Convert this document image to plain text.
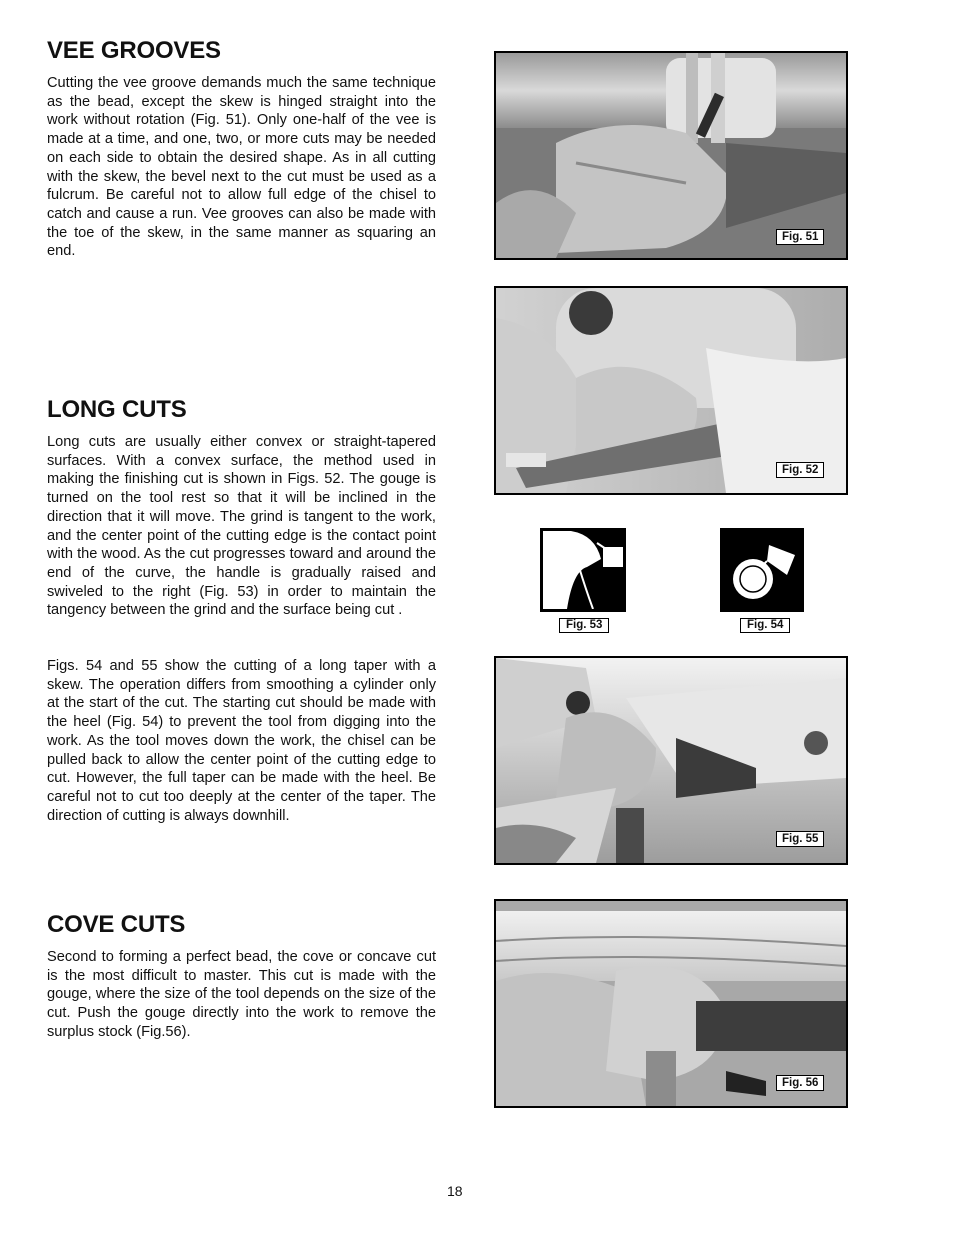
VEE GROOVES

Cutting the vee groove demands much the same technique as the bead, except the skew is hinged straight into the work without rotation (Fig. 51). Only one-half of the vee is made at a time, and one, two, or more cuts may be needed on each side to obtain the desired shape. As in all cutting with the skew, the bevel next to the cut must be used as a fulcrum. Be careful not to allow full edge of the chisel to catch and cause a run. Vee grooves can also be made with the toe of the skew, in the same manner as squaring an end.

LONG CUTS

Long cuts are usually either convex or straight-tapered surfaces. With a convex surface, the method used in making the finishing cut is shown in Figs. 52. The gouge is turned on the tool rest so that it will be inclined in the direction that it will move. The grind is tangent to the work, and the center point of the cutting edge is the contact point with the wood. As the cut progresses toward and around the end of the curve, the handle is gradually raised and swiveled to the right (Fig. 53) in order to maintain the tangency between the grind and the surface being cut .

Figs. 54 and 55 show the cutting of a long taper with a skew. The operation differs from smoothing a cylinder only at the start of the cut. The starting cut should be made with the heel (Fig. 54) to prevent the tool from digging into the work. As the tool moves down the work, the chisel can be pulled back to allow the center point of the cutting edge to cut. However, the full taper can be made with the heel. Be careful not to cut too deeply at the center of the taper. The direction of cutting is always downhill.

COVE CUTS

Second to forming a perfect bead, the cove or concave cut is the most difficult to master. This cut is made with the gouge, where the size of the tool depends on the size of the cut. Push the gouge directly into the work to remove the surplus stock (Fig.56).

Fig. 51
Fig. 52
Fig. 53	Fig. 54
Fig. 55
Fig. 56
18
